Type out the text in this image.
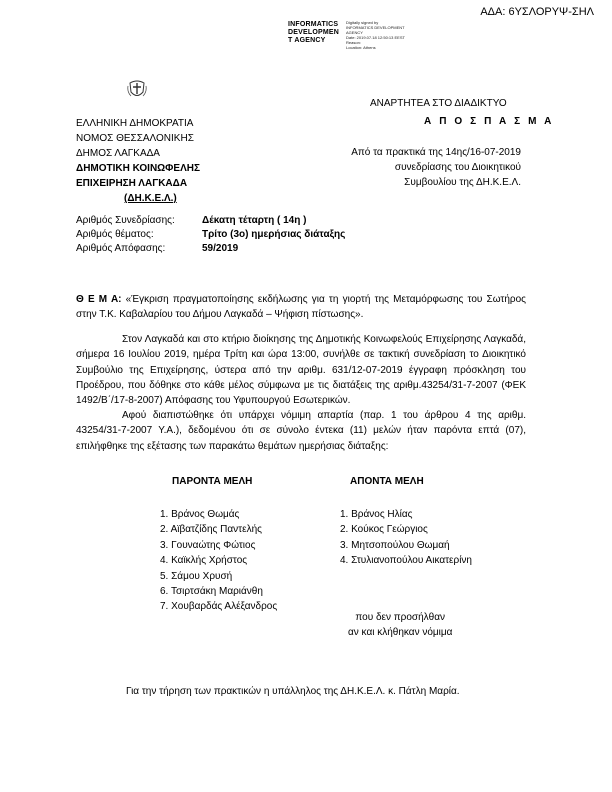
ΑΔΑ: 6ΥΣΛΟΡΥΨ-ΣΗΛ
INFORMATICS
DEVELOPMEN
T AGENCY
Digitally signed by
INFORMATICS DEVELOPMENT
AGENCY
Date: 2019.07.18 12:50:13 EEST
Reason:
Location: Athens
ΑΝΑΡΤΗΤΕΑ ΣΤΟ ΔΙΑΔΙΚΤΥΟ
ΕΛΛΗΝΙΚΗ ΔΗΜΟΚΡΑΤΙΑ
ΝΟΜΟΣ ΘΕΣΣΑΛΟΝΙΚΗΣ
ΔΗΜΟΣ ΛΑΓΚΑΔΑ
ΔΗΜΟΤΙΚΗ ΚΟΙΝΩΦΕΛΗΣ
ΕΠΙΧΕΙΡΗΣΗ ΛΑΓΚΑΔΑ
(ΔΗ.Κ.Ε.Λ.)
Α Π Ο Σ Π Α Σ Μ Α
Από τα πρακτικά της 14ης/16-07-2019
συνεδρίασης του Διοικητικού
Συμβουλίου της ΔΗ.Κ.Ε.Λ.
Αριθμός Συνεδρίασης:	Δέκατη τέταρτη ( 14η )
Αριθμός θέματος:	Τρίτο (3ο) ημερήσιας διάταξης
Αριθμός Απόφασης:	59/2019
Θ Ε Μ Α: «Έγκριση πραγματοποίησης εκδήλωσης για τη γιορτή της Μεταμόρφωσης του Σωτήρος στην Τ.Κ. Καβαλαρίου του Δήμου Λαγκαδά – Ψήφιση πίστωσης».
Στον Λαγκαδά και στο κτήριο διοίκησης της Δημοτικής Κοινωφελούς Επιχείρησης Λαγκαδά, σήμερα 16 Ιουλίου 2019, ημέρα Τρίτη και ώρα 13:00, συνήλθε σε τακτική συνεδρίαση το Διοικητικό Συμβούλιο της Επιχείρησης, ύστερα από την αριθμ. 631/12-07-2019 έγγραφη πρόσκληση του Προέδρου, που δόθηκε στο κάθε μέλος σύμφωνα με τις διατάξεις της αριθμ.43254/31-7-2007 (ΦΕΚ 1492/Β΄/17-8-2007) Απόφασης του Υφυπουργού Εσωτερικών.
Αφού διαπιστώθηκε ότι υπάρχει νόμιμη απαρτία (παρ. 1 του άρθρου 4 της αριθμ. 43254/31-7-2007 Υ.Α.), δεδομένου ότι σε σύνολο έντεκα (11) μελών ήταν παρόντα επτά (07), επιλήφθηκε της εξέτασης των παρακάτω θεμάτων ημερήσιας διάταξης:
ΠΑΡΟΝΤΑ ΜΕΛΗ	ΑΠΟΝΤΑ ΜΕΛΗ
1. Βράνος Θωμάς
2. Αϊβατζίδης Παντελής
3. Γουναώτης Φώτιος
4. Καϊκλής Χρήστος
5. Σάμου Χρυσή
6. Τσιρτσάκη Μαριάνθη
7. Χουβαρδάς Αλέξανδρος
1. Βράνος Ηλίας
2. Κούκος Γεώργιος
3. Μητσοπούλου Θωμαή
4. Στυλιανοπούλου Αικατερίνη
που δεν προσήλθαν
αν και κλήθηκαν νόμιμα
Για την τήρηση των πρακτικών η υπάλληλος της ΔΗ.Κ.Ε.Λ. κ. Πάτλη Μαρία.
